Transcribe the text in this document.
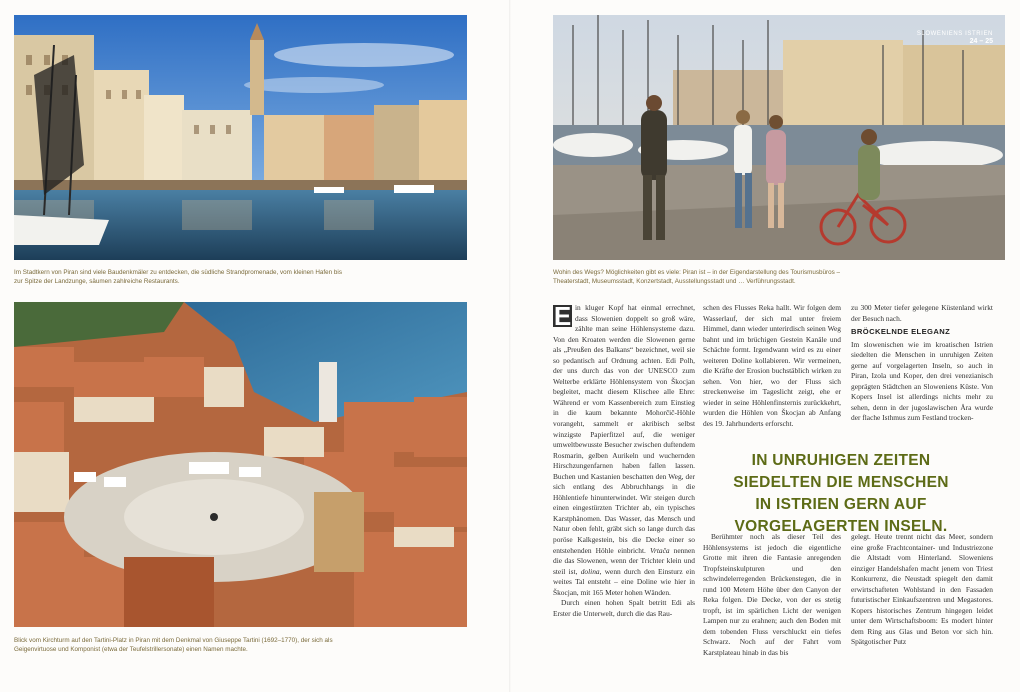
SLOWENIENS ISTRIEN
24 – 25
Im Stadtkern von Piran sind viele Baudenkmäler zu entdecken, die südliche Strandpromenade, vom kleinen Hafen bis zur Spitze der Landzunge, säumen zahlreiche Restaurants.
Wohin des Wegs? Möglichkeiten gibt es viele: Piran ist – in der Eigendarstellung des Tourismusbüros – Theaterstadt, Museumsstadt, Konzertstadt, Ausstellungsstadt und … Verführungsstadt.
Blick vom Kirchturm auf den Tartini-Platz in Piran mit dem Denkmal von Giuseppe Tartini (1692–1770), der sich als Geigenvirtuose und Komponist (etwa der Teufelstrillersonate) einen Namen machte.

E in kluger Kopf hat einmal errechnet, dass Slowenien doppelt so groß wäre, zählte man seine Höhlensysteme dazu. Von den Kroaten werden die Slowenen gerne als „Preußen des Balkans“ bezeichnet, weil sie so pedantisch auf Ordnung achten. Edi Polh, der uns durch das von der UNESCO zum Welterbe erklärte Höhlensystem von Škocjan begleitet, macht diesem Klischee alle Ehre: Während er vom Kassenbereich zum Einstieg in die kaum bekannte Mohorčič-Höhle vorangeht, sammelt er akribisch selbst winzigste Papierfitzel auf, die weniger umweltbewusste Besucher zwischen duftendem Rosmarin, gelben Aurikeln und wuchernden Hirschzungenfarnen haben fallen lassen. Buchen und Kastanien beschatten den Weg, der sich entlang des Abbruchhangs in die Höhlentiefe hinunterwindet. Wir steigen durch einen eingestürzten Trichter ab, ein typisches Karstphänomen. Das Wasser, das Mensch und Natur oben fehlt, gräbt sich so lange durch das poröse Kalkgestein, bis die Decke einer so entstehenden Höhle einbricht. Vrtača nennen die das Slowenen, wenn der Trichter klein und steil ist, dolina, wenn durch den Einsturz ein weites Tal entsteht – eine Doline wie hier in Škocjan, mit 165 Meter hohen Wänden.

Durch einen hohen Spalt betritt Edi als Erster die Unterwelt, durch die das Rau-

schen des Flusses Reka hallt. Wir folgen dem Wasserlauf, der sich mal unter freiem Himmel, dann wieder unterirdisch seinen Weg bahnt und im brüchigen Gestein Kanäle und Schächte formt. Irgendwann wird es zu einer weiteren Doline kollabieren. Wir vermeinen, die Kräfte der Erosion buchstäblich wirken zu sehen. Von hier, wo der Fluss sich streckenweise im Tageslicht zeigt, ehe er wieder in seine Höhlenfinsternis zurückkehrt, wurden die Höhlen von Škocjan ab Anfang des 19. Jahrhunderts erforscht.

zu 300 Meter tiefer gelegene Küstenland wirkt der Besuch nach.

BRÖCKELNDE ELEGANZ

Im slowenischen wie im kroatischen Istrien siedelten die Menschen in unruhigen Zeiten gerne auf vorgelagerten Inseln, so auch in Piran, Izola und Koper, den drei venezianisch geprägten Städtchen an Sloweniens Küste. Von Kopers Insel ist allerdings nichts mehr zu sehen, denn in der jugoslawischen Ära wurde der flache Isthmus zum Festland trocken-

IN UNRUHIGEN ZEITEN SIEDELTEN DIE MENSCHEN IN ISTRIEN GERN AUF VORGELAGERTEN INSELN.

Berühmter noch als dieser Teil des Höhlensystems ist jedoch die eigentliche Grotte mit ihren die Fantasie anregenden Tropfsteinskulpturen und den schwindelerregenden Brückenstegen, die in rund 100 Metern Höhe über den Canyon der Reka folgen. Die Decke, von der es stetig tropft, ist im spärlichen Licht der wenigen Lampen nur zu erahnen; auch den Boden mit dem tobenden Fluss verschluckt ein tiefes Schwarz. Noch auf der Fahrt vom Karstplateau hinab in das bis

gelegt. Heute trennt nicht das Meer, sondern eine große Frachtcontainer- und Industriezone die Altstadt vom Hinterland. Sloweniens einziger Handelshafen macht jenem von Triest Konkurrenz, die Neustadt spiegelt den damit erwirtschafteten Wohlstand in den Fassaden futuristischer Einkaufszentren und Megastores. Kopers historisches Zentrum hingegen leidet unter dem Wirtschaftsboom: Es modert hinter dem Ring aus Glas und Beton vor sich hin. Spätgotischer Putz
